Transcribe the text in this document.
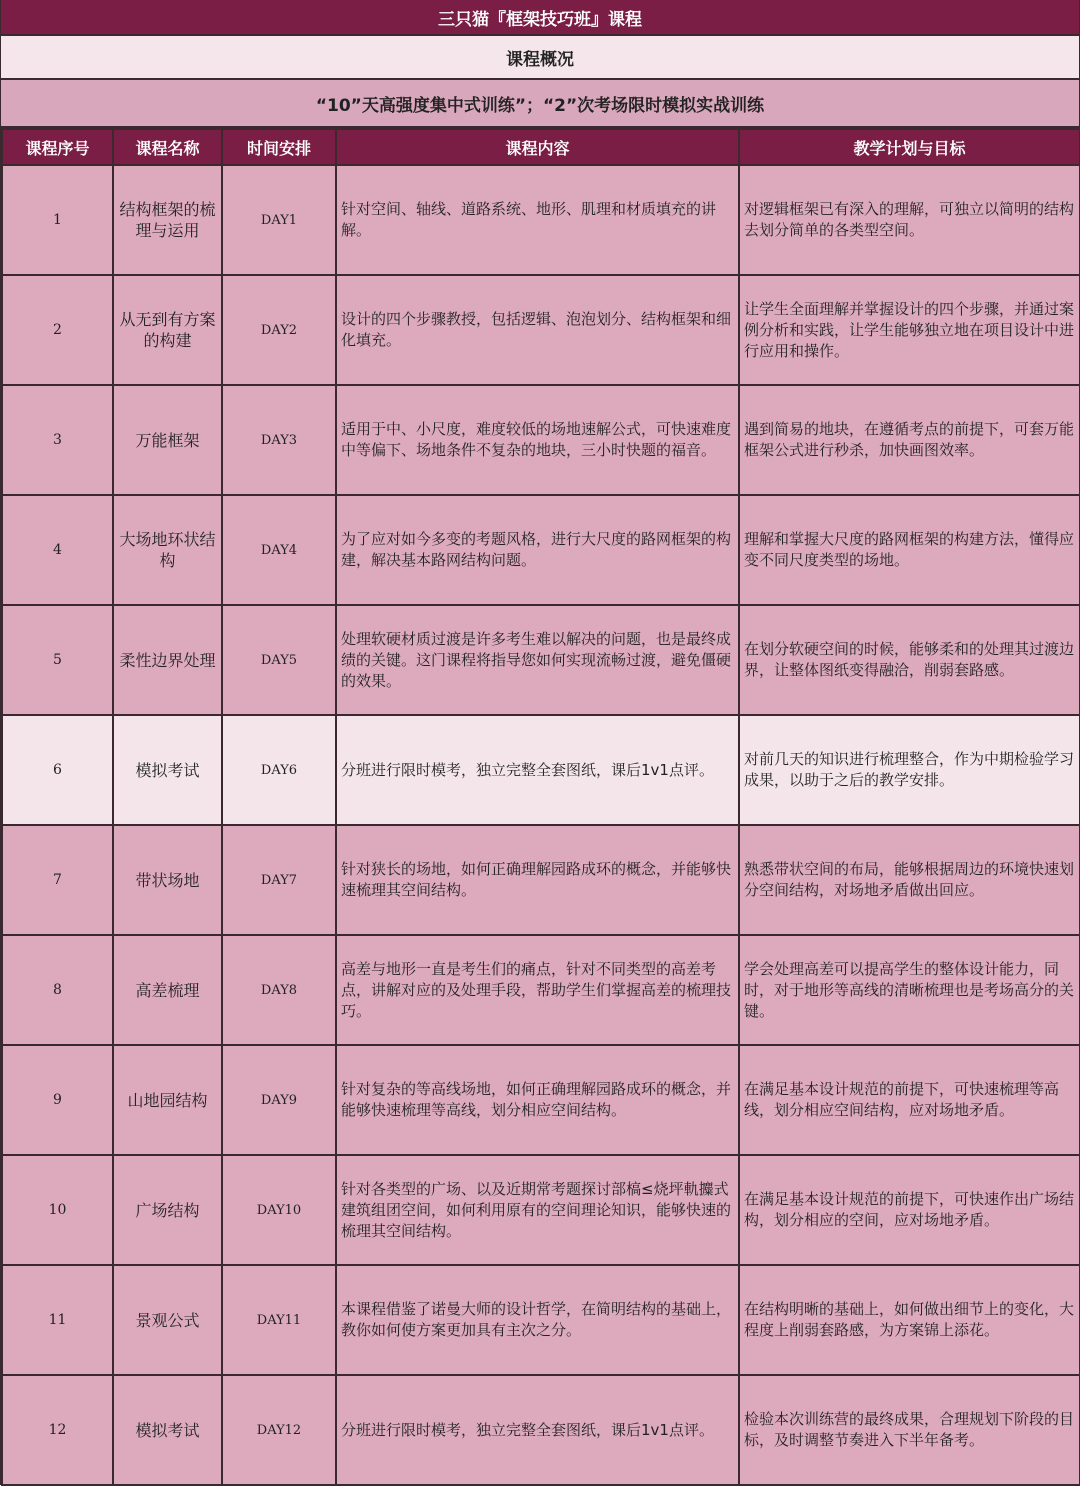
三只猫『框架技巧班』课程
课程概况
“10”天高强度集中式训练”；“2”次考场限时模拟实战训练
课程序号	课程名称	时间安排	课程内容	教学计划与目标
1	结构框架的梳理与运用	DAY1	针对空间、轴线、道路系统、地形、肌理和材质填充的讲解。	对逻辑框架已有深入的理解，可独立以简明的结构去划分简单的各类型空间。
2	从无到有方案的构建	DAY2	设计的四个步骤教授，包括逻辑、泡泡划分、结构框架和细化填充。	让学生全面理解并掌握设计的四个步骤，并通过案例分析和实践，让学生能够独立地在项目设计中进行应用和操作。
3	万能框架	DAY3	适用于中、小尺度，难度较低的场地速解公式，可快速难度中等偏下、场地条件不复杂的地块，三小时快题的福音。	遇到简易的地块，在遵循考点的前提下，可套万能框架公式进行秒杀，加快画图效率。
4	大场地环状结构	DAY4	为了应对如今多变的考题风格，进行大尺度的路网框架的构建，解决基本路网结构问题。	理解和掌握大尺度的路网框架的构建方法，懂得应变不同尺度类型的场地。
5	柔性边界处理	DAY5	处理软硬材质过渡是许多考生难以解决的问题，也是最终成绩的关键。这门课程将指导您如何实现流畅过渡，避免僵硬的效果。	在划分软硬空间的时候，能够柔和的处理其过渡边界，让整体图纸变得融洽，削弱套路感。
6	模拟考试	DAY6	分班进行限时模考，独立完整全套图纸，课后1v1点评。	对前几天的知识进行梳理整合，作为中期检验学习成果，以助于之后的教学安排。
7	带状场地	DAY7	针对狭长的场地，如何正确理解园路成环的概念，并能够快速梳理其空间结构。	熟悉带状空间的布局，能够根据周边的环境快速划分空间结构，对场地矛盾做出回应。
8	高差梳理	DAY8	高差与地形一直是考生们的痛点，针对不同类型的高差考点，讲解对应的及处理手段，帮助学生们掌握高差的梳理技巧。	学会处理高差可以提高学生的整体设计能力，同时，对于地形等高线的清晰梳理也是考场高分的关键。
9	山地园结构	DAY9	针对复杂的等高线场地，如何正确理解园路成环的概念，并能够快速梳理等高线，划分相应空间结构。	在满足基本设计规范的前提下，可快速梳理等高线，划分相应空间结构，应对场地矛盾。
10	广场结构	DAY10	针对各类型的广场、以及近期常考题探讨部槁≤烧坪軌攗式建筑组团空间，如何利用原有的空间理论知识，能够快速的梳理其空间结构。	在满足基本设计规范的前提下，可快速作出广场结构，划分相应的空间，应对场地矛盾。
11	景观公式	DAY11	本课程借鉴了诺曼大师的设计哲学，在简明结构的基础上，教你如何使方案更加具有主次之分。	在结构明晰的基础上，如何做出细节上的变化，大程度上削弱套路感，为方案锦上添花。
12	模拟考试	DAY12	分班进行限时模考，独立完整全套图纸，课后1v1点评。	检验本次训练营的最终成果，合理规划下阶段的目标，及时调整节奏进入下半年备考。
